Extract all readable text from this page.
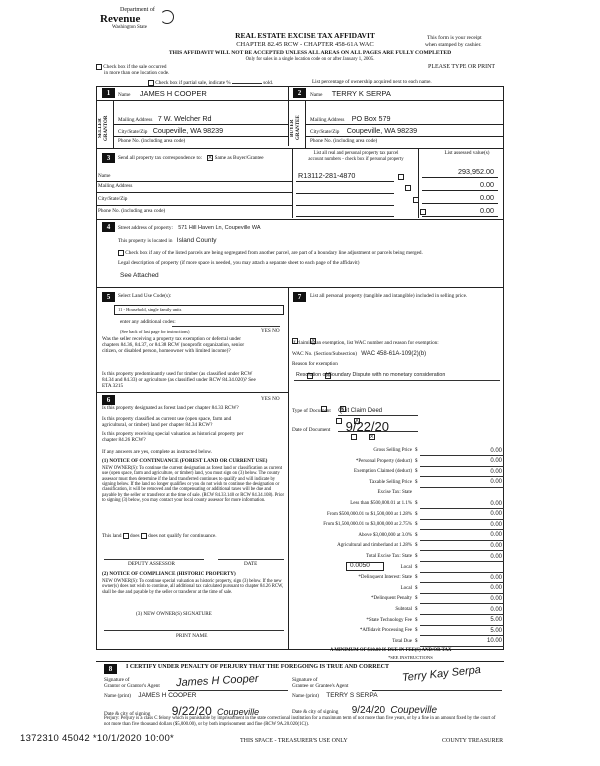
Department of
Revenue
Washington State
REAL ESTATE EXCISE TAX AFFIDAVIT
CHAPTER 82.45 RCW - CHAPTER 458-61A WAC
THIS AFFIDAVIT WILL NOT BE ACCEPTED UNLESS ALL AREAS ON ALL PAGES ARE FULLY COMPLETED
Only for sales in a single location code on or after January 1, 2005.
This form is your receipt
when stamped by cashier.
PLEASE TYPE OR PRINT
Check box if the sale occurred
in more than one location code.
Check box if partial sale, indicate %	sold.	List percentage of ownership acquired next to each name.
1
SELLER GRANTOR
Name JAMES H COOPER
Mailing Address 7 W. Welcher Rd
City/State/Zip Coupeville, WA 98239
Phone No. (including area code)
2
BUYER GRANTEE
Name TERRY K SERPA
Mailing Address PO Box 579
City/State/Zip Coupeville, WA 98239
Phone No. (including area code)
3	Send all property tax correspondence to: × Same as Buyer/Grantee
List all real and personal property tax parcel
account numbers - check box if personal property
List assessed value(s)
Name
Mailing Address
City/State/Zip
Phone No. (including area code)
R13112-281-4870
	293,952.00
0.00
0.00
0.00
4	Street address of property: 571 Hill Haven Ln, Coupeville WA
This property is located in Island County
Check box if any of the listed parcels are being segregated from another parcel, are part of a boundary line adjustment or parcels being merged.
Legal description of property (if more space is needed, you may attach a separate sheet to each page of the affidavit)
See Attached
5	Select Land Use Code(s):
11 - Household, single family units
enter any additional codes:
(See back of last page for instructions)	YES NO
Was the seller receiving a property tax exemption or deferral under chapters 84.36, 84.37, or 84.38 RCW (nonprofit organization, senior citizen, or disabled person, homeowner with limited income)?
×
Is this property predominantly used for timber (as classified under RCW 84.34 and 84.33) or agriculture (as classified under RCW 84.34.020)? See ETA 3215
×
6	YES NO
Is this property designated as forest land per chapter 84.33 RCW?
×
Is this property classified as current use (open space, farm and agricultural, or timber) land per chapter 84.34 RCW?
×
Is this property receiving special valuation as historical property per chapter 84.26 RCW?
×
If any answers are yes, complete as instructed below.
(1) NOTICE OF CONTINUANCE (FOREST LAND OR CURRENT USE)
NEW OWNER(S): To continue the current designation as forest land or classification as current use (open space, farm and agriculture, or timber) land, you must sign on (3) below. The county assessor must then determine if the land transferred continues to qualify and will indicate by signing below. If the land no longer qualifies or you do not wish to continue the designation or classification, it will be removed and the compensating or additional taxes will be due and payable by the seller or transferor at the time of sale. (RCW 84.33.140 or RCW 84.34.108). Prior to signing (3) below, you may contact your local county assessor for more information.
This land does does not qualify for continuance.
DEPUTY ASSESSOR	DATE
(2) NOTICE OF COMPLIANCE (HISTORIC PROPERTY)
NEW OWNER(S): To continue special valuation as historic property, sign (3) below. If the new owner(s) does not wish to continue, all additional tax calculated pursuant to chapter 84.26 RCW, shall be due and payable by the seller or transferor at the time of sale.
(3) NEW OWNER(S) SIGNATURE
PRINT NAME
7	List all personal property (tangible and intangible) included in selling price.
If claiming an exemption, list WAC number and reason for exemption:
WAC No. (Section/Subsection) WAC 458-61A-109(2)(b)
Reason for exemption
Resolution of Boundary Dispute with no monetary consideration
Type of Document Quit Claim Deed
Date of Document 9/22/20
Gross Selling Price $	0.00
*Personal Property (deduct) $	0.00
Exemption Claimed (deduct) $	0.00
Taxable Selling Price $	0.00
Excise Tax: State
Less than $500,000.01 at 1.1% $	0.00
From $500,000.01 to $1,500,000 at 1.28% $	0.00
From $1,500,000.01 to $3,000,000 at 2.75% $	0.00
Above $3,000,000 at 3.0% $	0.00
Agricultural and timberland at 1.28% $	0.00
Total Excise Tax: State $	0.00
Local $
*Delinquent Interest: State $	0.00
Local $	0.00
*Delinquent Penalty $	0.00
Subtotal $	0.00
*State Technology Fee $	5.00
*Affidavit Processing Fee $	5.00
Total Due $	10.00
0.0050
A MINIMUM OF $10.00 IS DUE IN FEE(S) AND/OR TAX
*SEE INSTRUCTIONS
8	I CERTIFY UNDER PENALTY OF PERJURY THAT THE FOREGOING IS TRUE AND CORRECT
Signature of
Grantor or Grantor's Agent James H Cooper	Signature of
Grantee or Grantee's Agent
Terry Kay Serpa
Name (print) JAMES H COOPER	Name (print) TERRY S SERPA
Date & city of signing 9/22/20 Coupeville	Date & city of signing 9/24/20 Coupeville
Perjury: Perjury is a class C felony which is punishable by imprisonment in the state correctional institution for a maximum term of not more than five years, or by a fine in an amount fixed by the court of not more than five thousand dollars ($5,000.00), or by both imprisonment and fine (RCW 9A.20.020(1C)).
1372310 45042 *10/1/2020 10:00*	THIS SPACE - TREASURER'S USE ONLY	COUNTY TREASURER
